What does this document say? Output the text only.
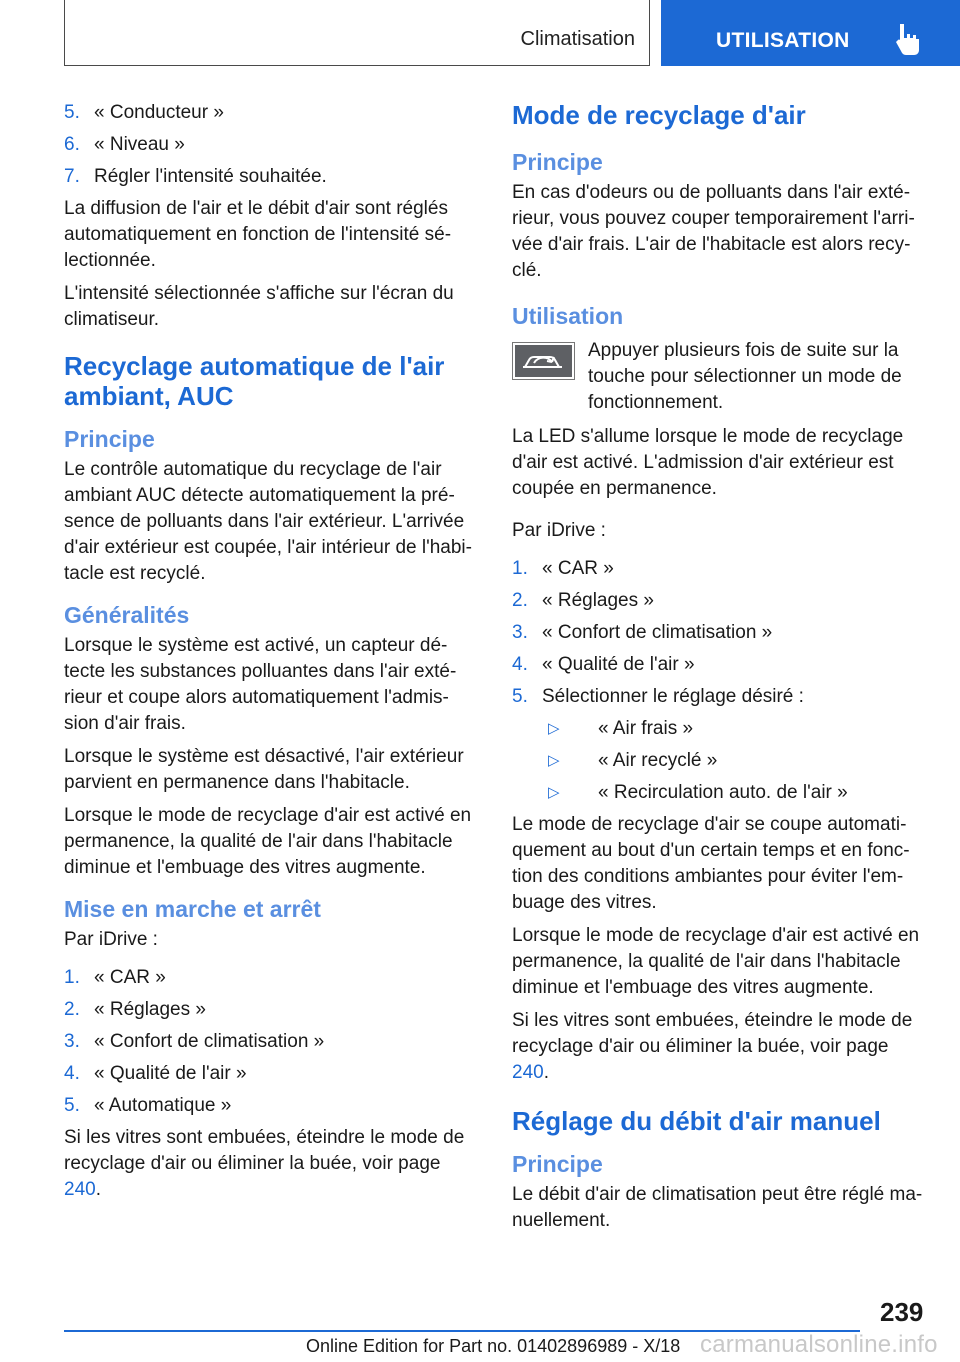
Climatisation	UTILISATION
5. « Conducteur »
6. « Niveau »
7. Régler l'intensité souhaitée.

La diffusion de l'air et le débit d'air sont réglés automatiquement en fonction de l'intensité sélectionnée.

L'intensité sélectionnée s'affiche sur l'écran du climatiseur.

Recyclage automatique de l'air ambiant, AUC
Principe

Le contrôle automatique du recyclage de l'air ambiant AUC détecte automatiquement la présence de polluants dans l'air extérieur. L'arrivée d'air extérieur est coupée, l'air intérieur de l'habitacle est recyclé.

Généralités

Lorsque le système est activé, un capteur détecte les substances polluantes dans l'air extérieur et coupe alors automatiquement l'admission d'air frais.

Lorsque le système est désactivé, l'air extérieur parvient en permanence dans l'habitacle.

Lorsque le mode de recyclage d'air est activé en permanence, la qualité de l'air dans l'habitacle diminue et l'embuage des vitres augmente.

Mise en marche et arrêt

Par iDrive :

1. « CAR »
2. « Réglages »
3. « Confort de climatisation »
4. « Qualité de l'air »
5. « Automatique »

Si les vitres sont embuées, éteindre le mode de recyclage d'air ou éliminer la buée, voir page 240.

Mode de recyclage d'air
Principe

En cas d'odeurs ou de polluants dans l'air extérieur, vous pouvez couper temporairement l'arrivée d'air frais. L'air de l'habitacle est alors recyclé.

Utilisation
Appuyer plusieurs fois de suite sur la touche pour sélectionner un mode de fonctionnement.

La LED s'allume lorsque le mode de recyclage d'air est activé. L'admission d'air extérieur est coupée en permanence.

Par iDrive :

1. « CAR »
2. « Réglages »
3. « Confort de climatisation »
4. « Qualité de l'air »
5. Sélectionner le réglage désiré :
▷ « Air frais »
▷ « Air recyclé »
▷ « Recirculation auto. de l'air »

Le mode de recyclage d'air se coupe automatiquement au bout d'un certain temps et en fonction des conditions ambiantes pour éviter l'embuage des vitres.

Lorsque le mode de recyclage d'air est activé en permanence, la qualité de l'air dans l'habitacle diminue et l'embuage des vitres augmente.

Si les vitres sont embuées, éteindre le mode de recyclage d'air ou éliminer la buée, voir page 240.

Réglage du débit d'air manuel
Principe

Le débit d'air de climatisation peut être réglé manuellement.

239
Online Edition for Part no. 01402896989 - X/18 carmanualsonline.info
